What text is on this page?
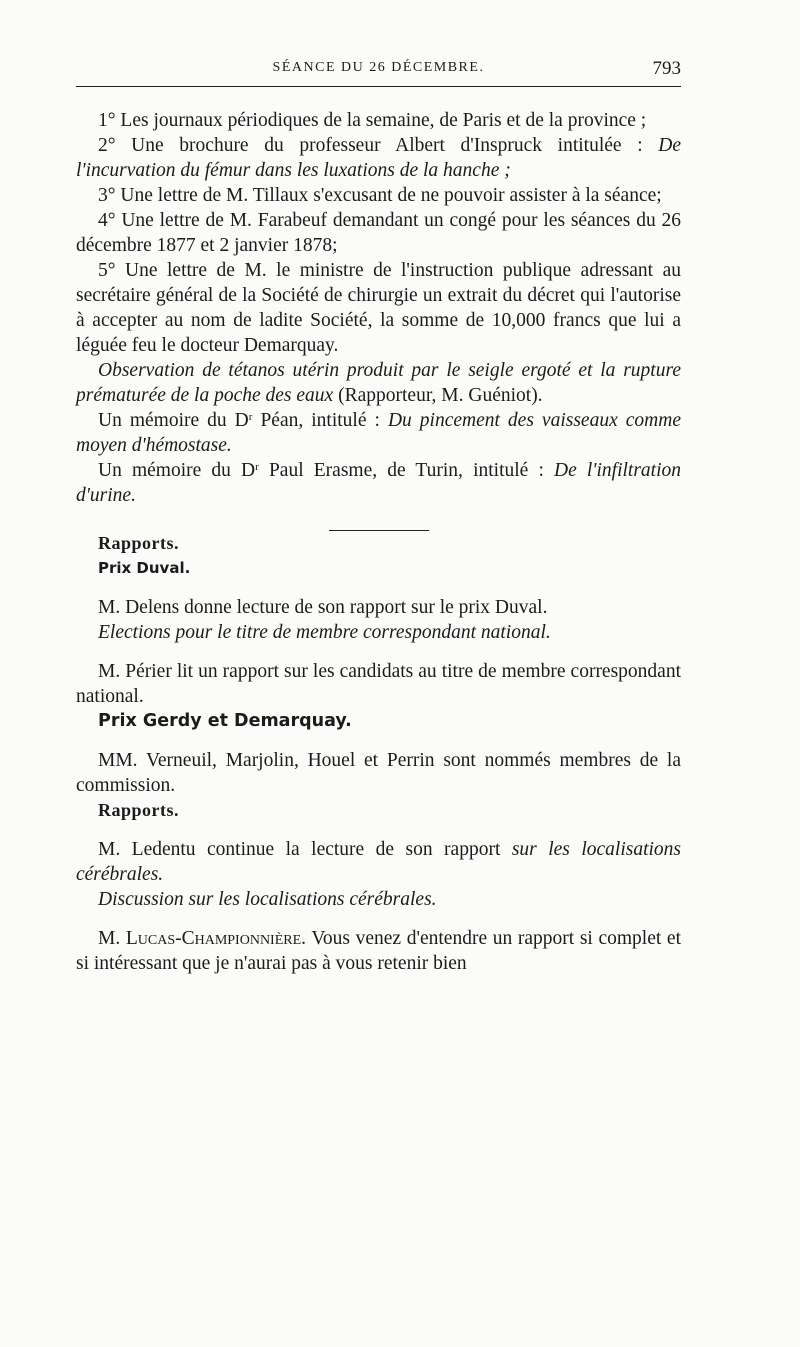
SÉANCE DU 26 DÉCEMBRE.	793

1° Les journaux périodiques de la semaine, de Paris et de la province ;

2° Une brochure du professeur Albert d'Inspruck intitulée : De l'incurvation du fémur dans les luxations de la hanche ;

3° Une lettre de M. Tillaux s'excusant de ne pouvoir assister à la séance;

4° Une lettre de M. Farabeuf demandant un congé pour les séances du 26 décembre 1877 et 2 janvier 1878;

5° Une lettre de M. le ministre de l'instruction publique adressant au secrétaire général de la Société de chirurgie un extrait du décret qui l'autorise à accepter au nom de ladite Société, la somme de 10,000 francs que lui a léguée feu le docteur Demarquay.

Observation de tétanos utérin produit par le seigle ergoté et la rupture prématurée de la poche des eaux (Rapporteur, M. Guéniot).

Un mémoire du $D^r$ Péan, intitulé : Du pincement des vaisseaux comme moyen d'hémostase.

Un mémoire du $D^r$ Paul Erasme, de Turin, intitulé : De l'infiltration d'urine.

Rapports.

Prix Duval.

M. Delens donne lecture de son rapport sur le prix Duval.

Elections pour le titre de membre correspondant national.

M. Périer lit un rapport sur les candidats au titre de membre correspondant national.

Prix Gerdy et Demarquay.

MM. Verneuil, Marjolin, Houel et Perrin sont nommés membres de la commission.

Rapports.

M. Ledentu continue la lecture de son rapport sur les localisations cérébrales.

Discussion sur les localisations cérébrales.

M. Lucas-Championnière. Vous venez d'entendre un rapport si complet et si intéressant que je n'aurai pas à vous retenir bien
